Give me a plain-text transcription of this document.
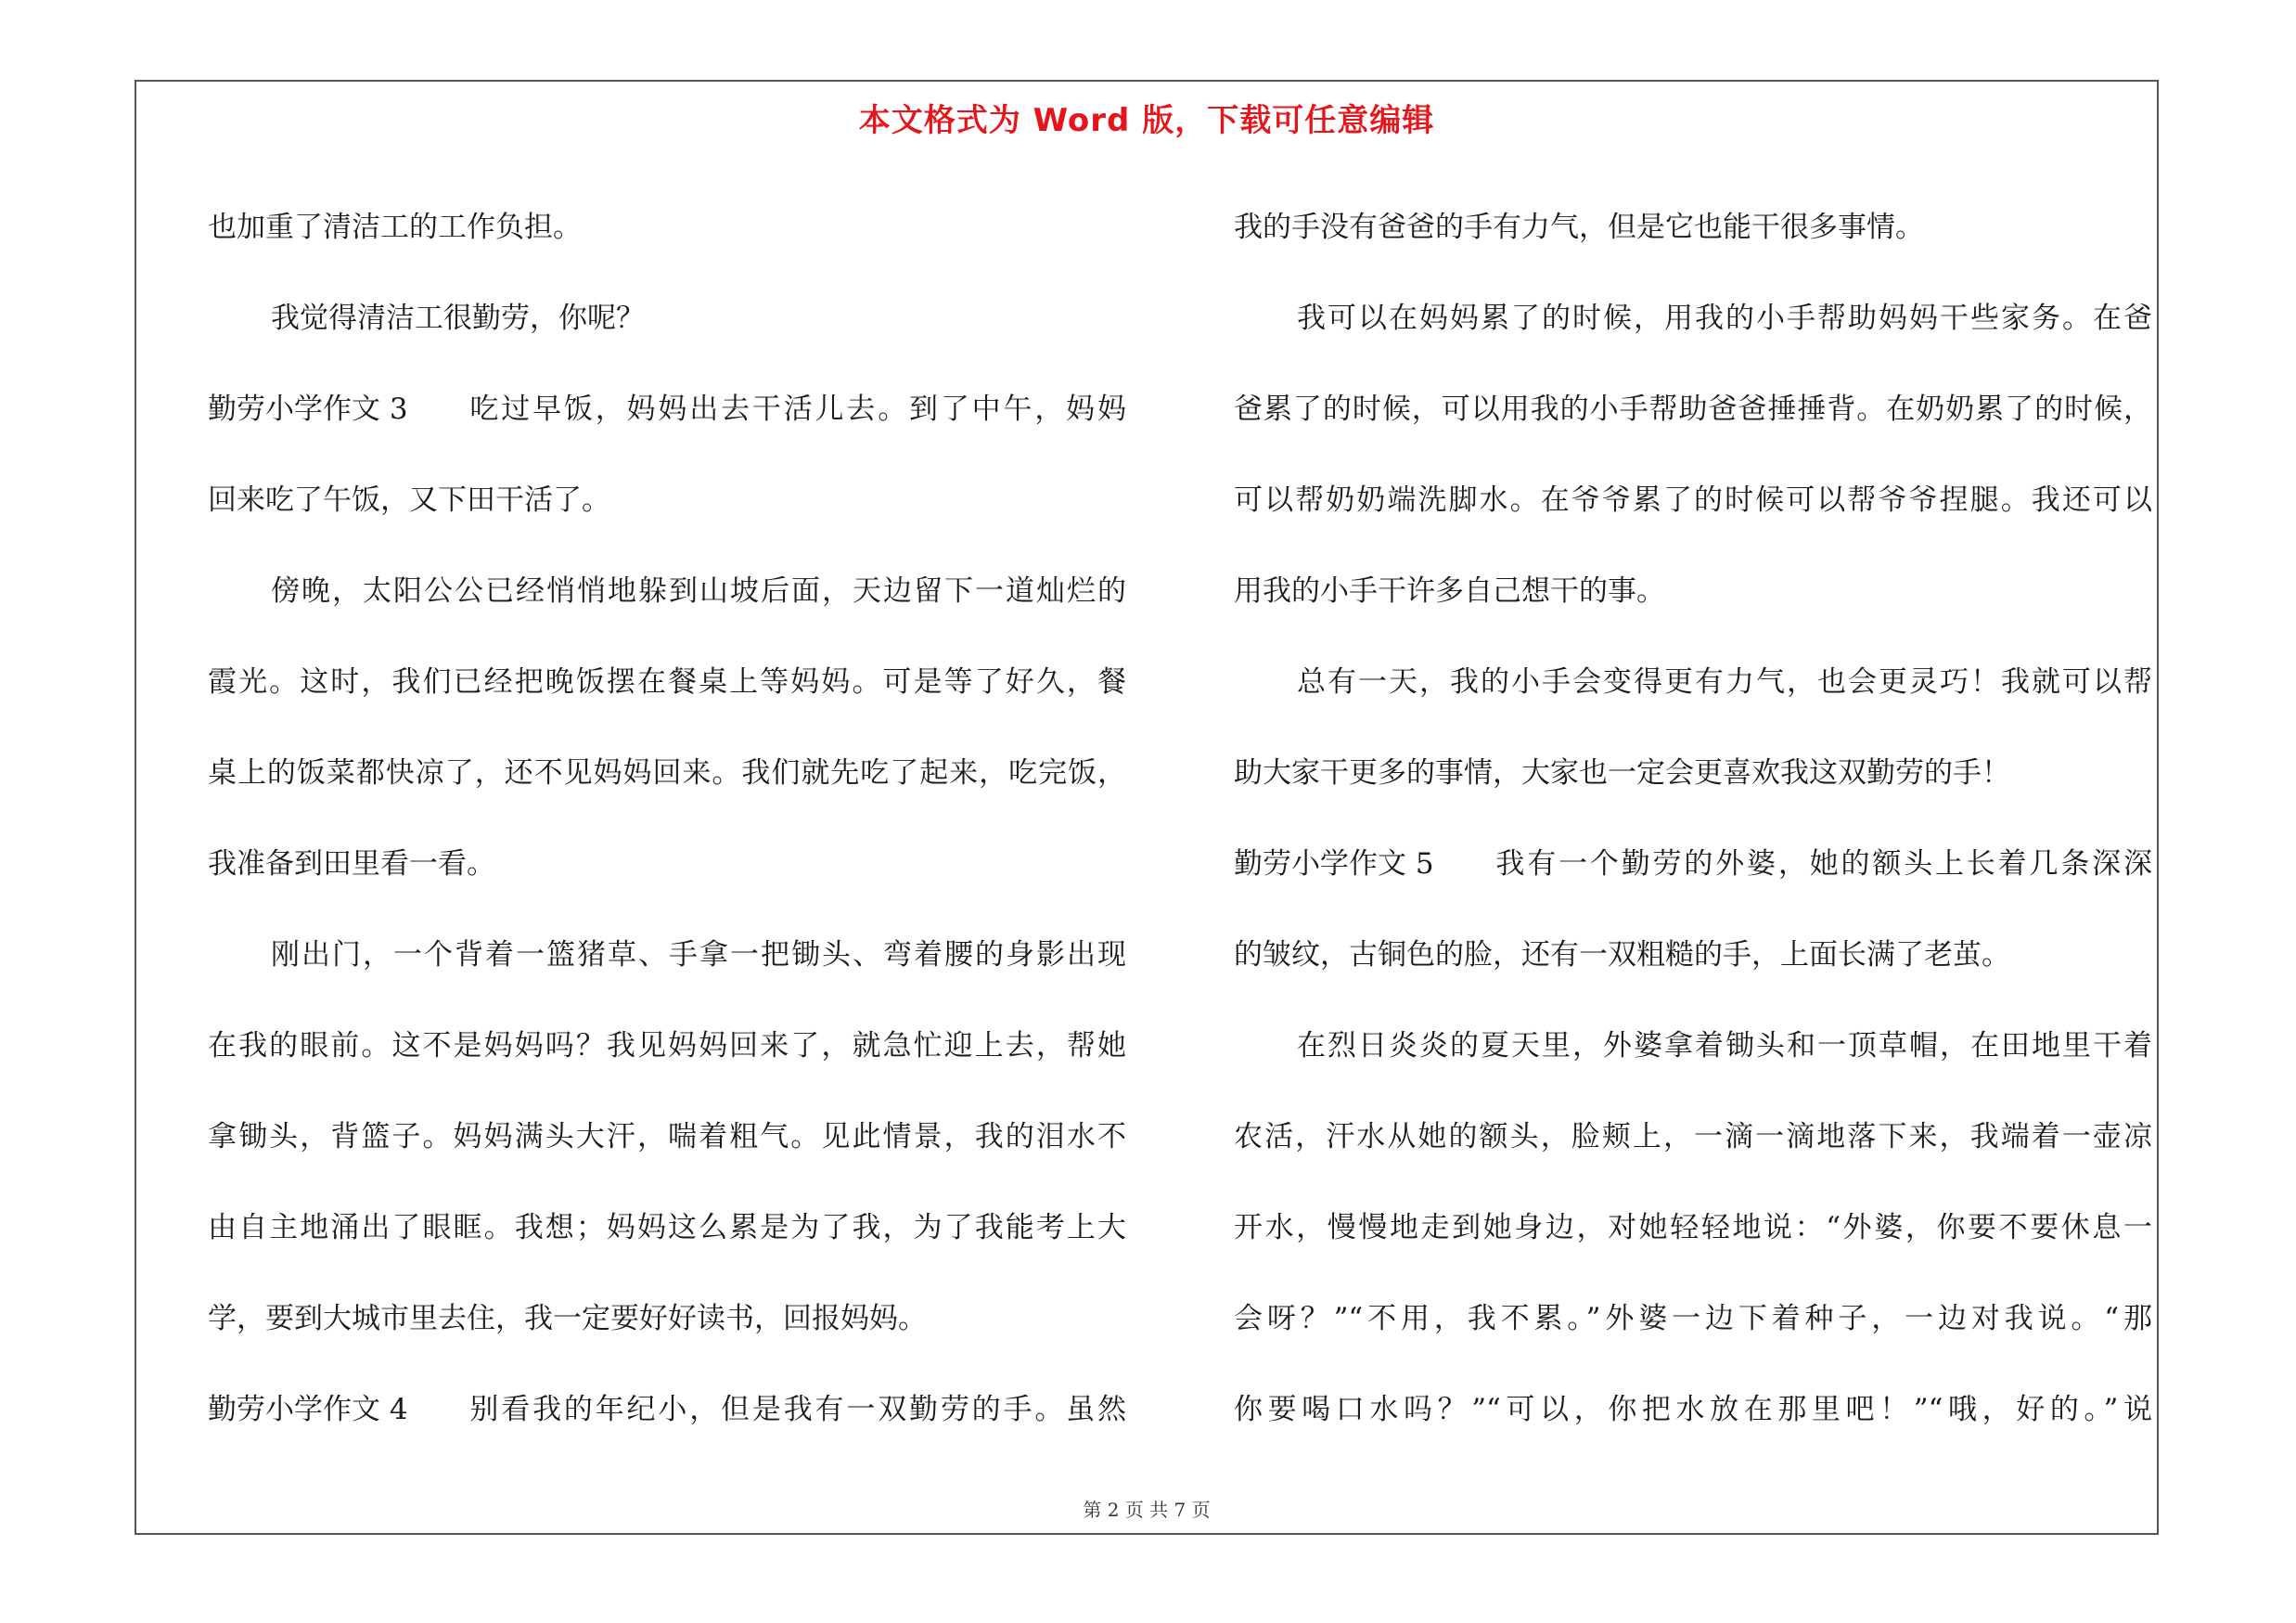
本文格式为 Word 版，下载可任意编辑
也加重了清洁工的工作负担。
我觉得清洁工很勤劳，你呢？
勤劳小学作文 3 吃过早饭，妈妈出去干活儿去。到了中午，妈妈
回来吃了午饭，又下田干活了。
傍晚，太阳公公已经悄悄地躲到山坡后面，天边留下一道灿烂的
霞光。这时，我们已经把晚饭摆在餐桌上等妈妈。可是等了好久，餐
桌上的饭菜都快凉了，还不见妈妈回来。我们就先吃了起来，吃完饭，
我准备到田里看一看。
刚出门，一个背着一篮猪草、手拿一把锄头、弯着腰的身影出现
在我的眼前。这不是妈妈吗？我见妈妈回来了，就急忙迎上去，帮她
拿锄头，背篮子。妈妈满头大汗，喘着粗气。见此情景，我的泪水不
由自主地涌出了眼眶。我想；妈妈这么累是为了我，为了我能考上大
学，要到大城市里去住，我一定要好好读书，回报妈妈。
勤劳小学作文 4 别看我的年纪小，但是我有一双勤劳的手。虽然
我的手没有爸爸的手有力气，但是它也能干很多事情。
我可以在妈妈累了的时候，用我的小手帮助妈妈干些家务。在爸
爸累了的时候，可以用我的小手帮助爸爸捶捶背。在奶奶累了的时候，
可以帮奶奶端洗脚水。在爷爷累了的时候可以帮爷爷捏腿。我还可以
用我的小手干许多自己想干的事。
总有一天，我的小手会变得更有力气，也会更灵巧！我就可以帮
助大家干更多的事情，大家也一定会更喜欢我这双勤劳的手！
勤劳小学作文 5 我有一个勤劳的外婆，她的额头上长着几条深深
的皱纹，古铜色的脸，还有一双粗糙的手，上面长满了老茧。
在烈日炎炎的夏天里，外婆拿着锄头和一顶草帽，在田地里干着
农活，汗水从她的额头，脸颊上，一滴一滴地落下来，我端着一壶凉
开水，慢慢地走到她身边，对她轻轻地说：“外婆，你要不要休息一
会呀？”“不用，我不累。”外婆一边下着种子，一边对我说。“那
你要喝口水吗？”“可以，你把水放在那里吧！”“哦，好的。”说
第 2 页 共 7 页
